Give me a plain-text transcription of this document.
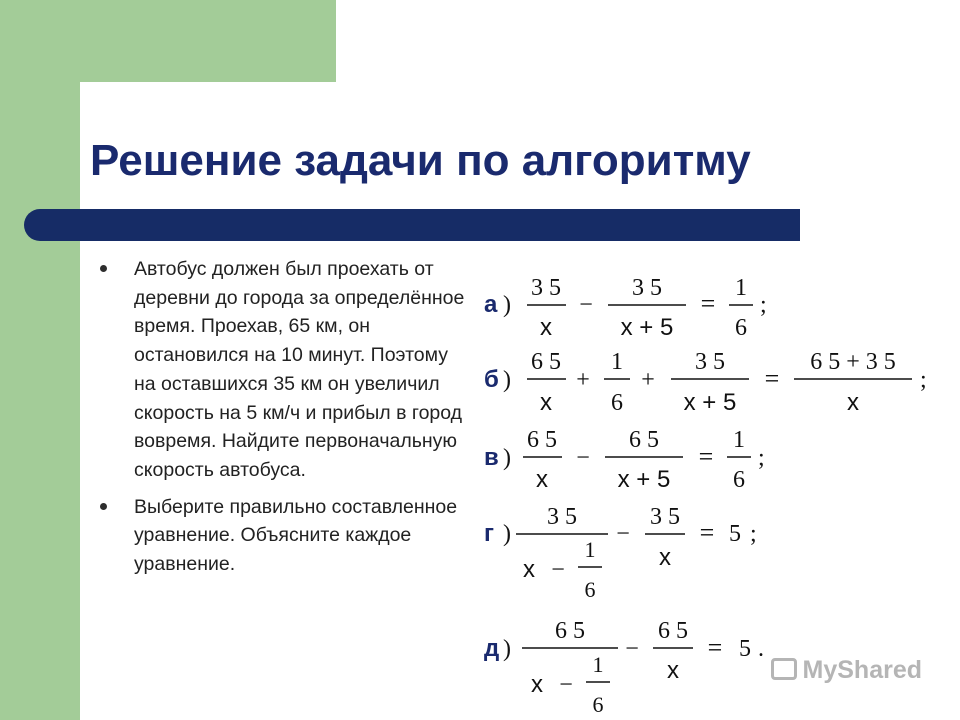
Решение задачи по алгоритму
Автобус должен был проехать от деревни до города за определённое время. Проехав, 65 км, он остановился на 10 минут. Поэтому на оставшихся 35 км он увеличил скорость на 5 км/ч и прибыл в город вовремя. Найдите первоначальную скорость автобуса.
Выберите правильно составленное уравнение. Объясните каждое уравнение.
а )
3 5
x
−
3 5
x + 5
=
1
6
;
б )
6 5
x
+
1
6
+
3 5
x + 5
=
6 5 + 3 5
x
;
в )
6 5
x
−
6 5
x + 5
=
1
6
;
г )
3 5
x −
1
6
−
3 5
x
= 5 ;
д )
6 5
x −
1
6
−
6 5
x
= 5 .
MyShared
